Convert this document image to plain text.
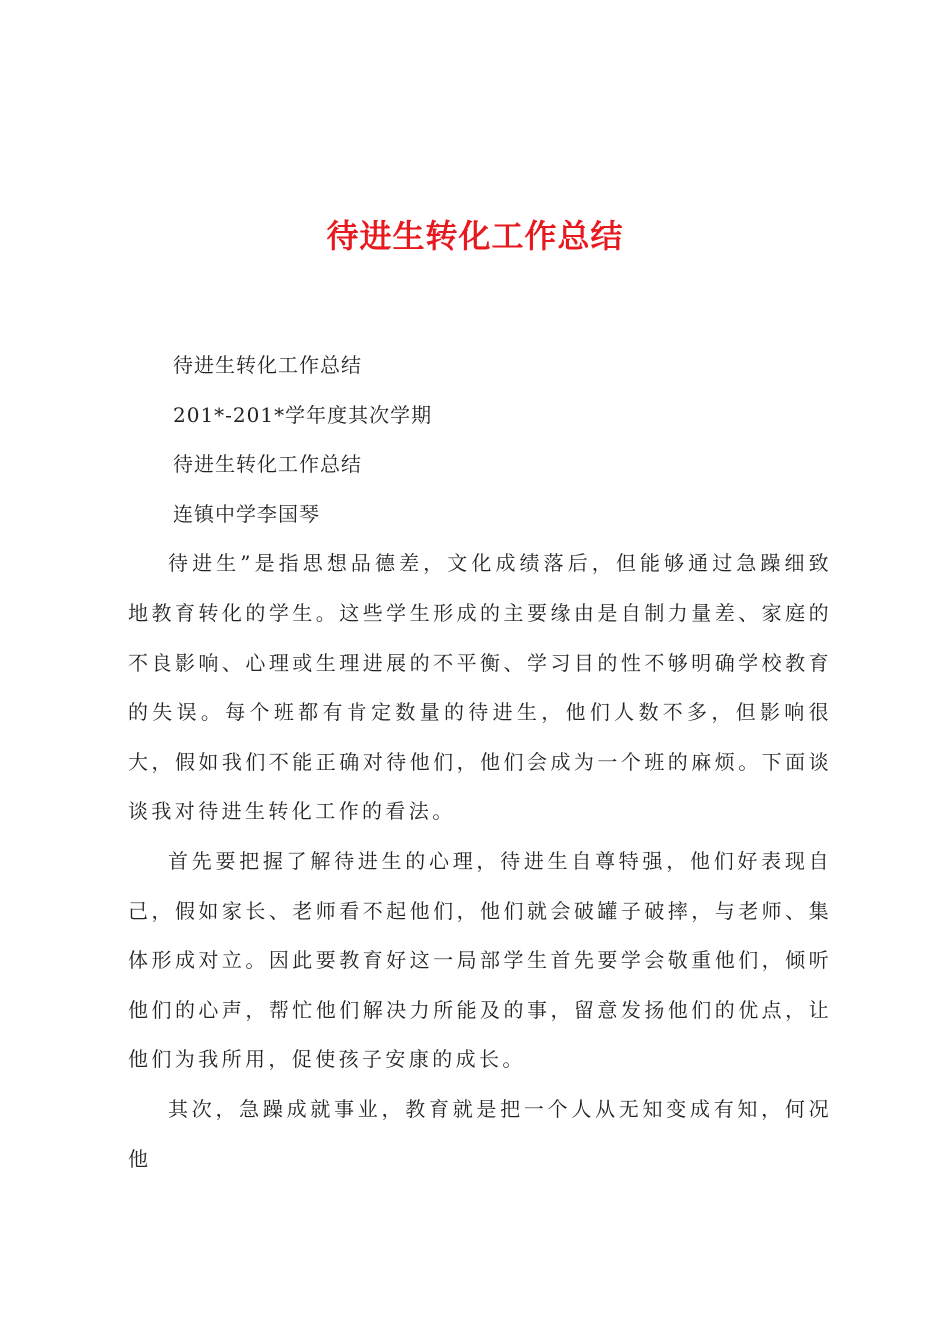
待进生转化工作总结
待进生转化工作总结
201*-201*学年度其次学期
待进生转化工作总结
连镇中学李国琴
待进生”是指思想品德差，文化成绩落后，但能够通过急躁细致地教育转化的学生。这些学生形成的主要缘由是自制力量差、家庭的不良影响、心理或生理进展的不平衡、学习目的性不够明确学校教育的失误。每个班都有肯定数量的待进生，他们人数不多，但影响很大，假如我们不能正确对待他们，他们会成为一个班的麻烦。下面谈谈我对待进生转化工作的看法。
首先要把握了解待进生的心理，待进生自尊特强，他们好表现自己，假如家长、老师看不起他们，他们就会破罐子破摔，与老师、集体形成对立。因此要教育好这一局部学生首先要学会敬重他们，倾听他们的心声，帮忙他们解决力所能及的事，留意发扬他们的优点，让他们为我所用，促使孩子安康的成长。
其次，急躁成就事业，教育就是把一个人从无知变成有知，何况他
